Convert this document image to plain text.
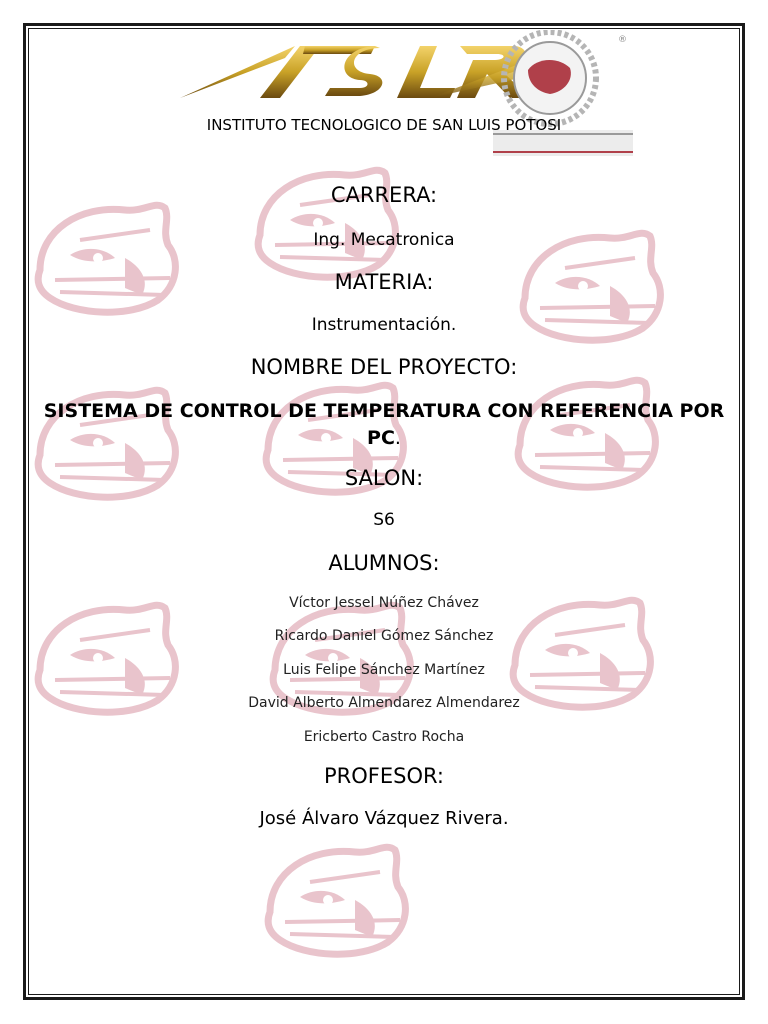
®
INSTITUTO TECNOLOGICO DE SAN LUIS POTOSI
CARRERA:
Ing. Mecatronica
MATERIA:
Instrumentación.
NOMBRE DEL PROYECTO:
SISTEMA DE CONTROL DE TEMPERATURA CON REFERENCIA POR PC.
SALON:
S6
ALUMNOS:
Víctor Jessel Núñez Chávez
Ricardo Daniel Gómez Sánchez
Luis Felipe Sánchez Martínez
David Alberto Almendarez Almendarez
Ericberto Castro Rocha
PROFESOR:
José Álvaro Vázquez Rivera.
